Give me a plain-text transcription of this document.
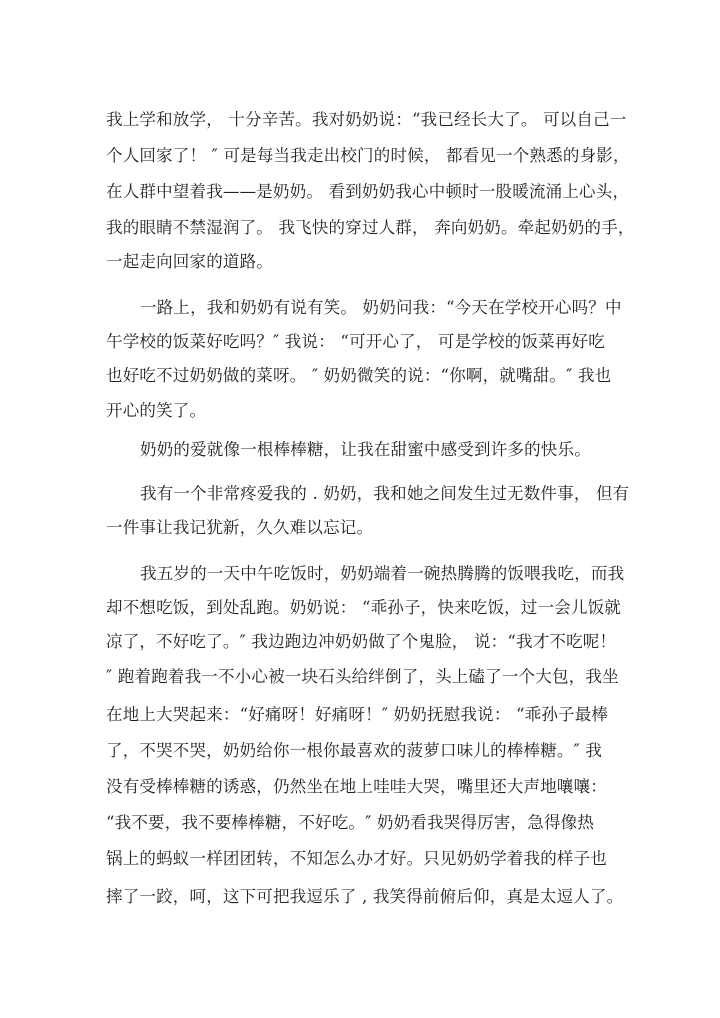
我上学和放学， 十分辛苦。我对奶奶说：“我已经长大了。 可以自己一
个人回家了！ ″ 可是每当我走出校门的时候， 都看见一个熟悉的身影，
在人群中望着我——是奶奶。 看到奶奶我心中顿时一股暖流涌上心头，
我的眼睛不禁湿润了。 我飞快的穿过人群， 奔向奶奶。牵起奶奶的手，
一起走向回家的道路。
一路上，我和奶奶有说有笑。 奶奶问我：“今天在学校开心吗？中
午学校的饭菜好吃吗？″ 我说： “可开心了， 可是学校的饭菜再好吃
也好吃不过奶奶做的菜呀。 ″ 奶奶微笑的说：“你啊，就嘴甜。″ 我也
开心的笑了。
奶奶的爱就像一根棒棒糖，让我在甜蜜中感受到许多的快乐。
我有一个非常疼爱我的 . 奶奶，我和她之间发生过无数件事， 但有
一件事让我记犹新，久久难以忘记。
我五岁的一天中午吃饭时，奶奶端着一碗热腾腾的饭喂我吃，而我
却不想吃饭，到处乱跑。奶奶说： “乖孙子，快来吃饭，过一会儿饭就
凉了，不好吃了。″ 我边跑边冲奶奶做了个鬼脸， 说：“我才不吃呢！
″ 跑着跑着我一不小心被一块石头给绊倒了，头上磕了一个大包，我坐
在地上大哭起来：“好痛呀！好痛呀！″ 奶奶抚慰我说： “乖孙子最棒
了，不哭不哭，奶奶给你一根你最喜欢的菠萝口味儿的棒棒糖。″ 我
没有受棒棒糖的诱惑，仍然坐在地上哇哇大哭，嘴里还大声地嚷嚷：
“我不要，我不要棒棒糖，不好吃。″ 奶奶看我哭得厉害，急得像热
锅上的蚂蚁一样团团转，不知怎么办才好。只见奶奶学着我的样子也
摔了一跤，呵，这下可把我逗乐了 , 我笑得前俯后仰，真是太逗人了。
